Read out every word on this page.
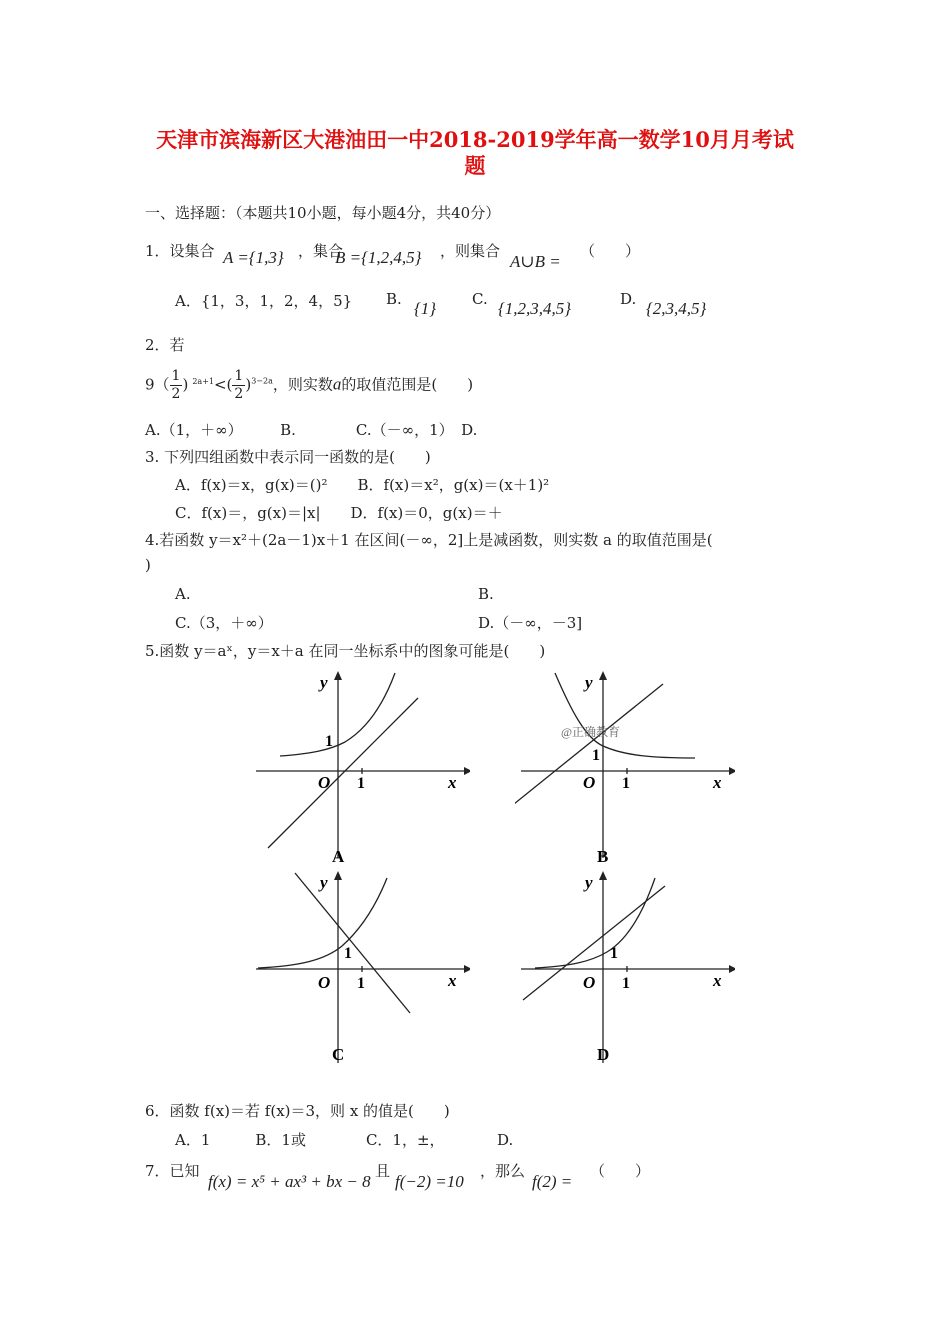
天津市滨海新区大港油田一中2018-2019学年高一数学10月月考试
题
一、选择题：（本题共10小题，每小题4分，共40分）
1．设集合 A ={1,3} ，集合
B ={1,2,4,5} ，则集合
A∪B =
（　　）
A．{1，3，1，2，4，5} B. {1} C. {1,2,3,4,5}	D. {2,3,4,5}
2．若
$9( \frac{1}{2}$ ) $^{2a+1}<( \frac{1}{2} )^{3-2a}$，则实数a的取值范围是(　　)
A.（1，＋∞）　　　B.　　　　C.（－∞，1）　D.
3. 下列四组函数中表示同一函数的是(　　)
A．f(x)＝x，g(x)＝()²　　B．f(x)＝x²，g(x)＝(x＋1)²
C．f(x)＝，g(x)＝|x|　　D．f(x)＝0，g(x)＝＋
4.若函数 y＝x²＋(2a－1)x＋1 在区间(－∞，2]上是减函数，则实数 a 的取值范围是(
)
A.	B.
C.（3，＋∞）	D.（－∞，－3]
5.函数 y＝aˣ，y＝x＋a 在同一坐标系中的图象可能是(　　)
y
x
O 1
1
A
@正确教育
y
x
O 1
1
B
y
x
O 1
1
C
y
x
O 1
1
D
6．函数 f(x)＝若 f(x)＝3，则 x 的值是(　　)
A．1　　　B．1或　　　　C．1，±，　　　　D.
7．已知
f(x) = x⁵ + ax³ + bx − 8
且
f(−2) =10
，那么
f(2) =
（　　）
